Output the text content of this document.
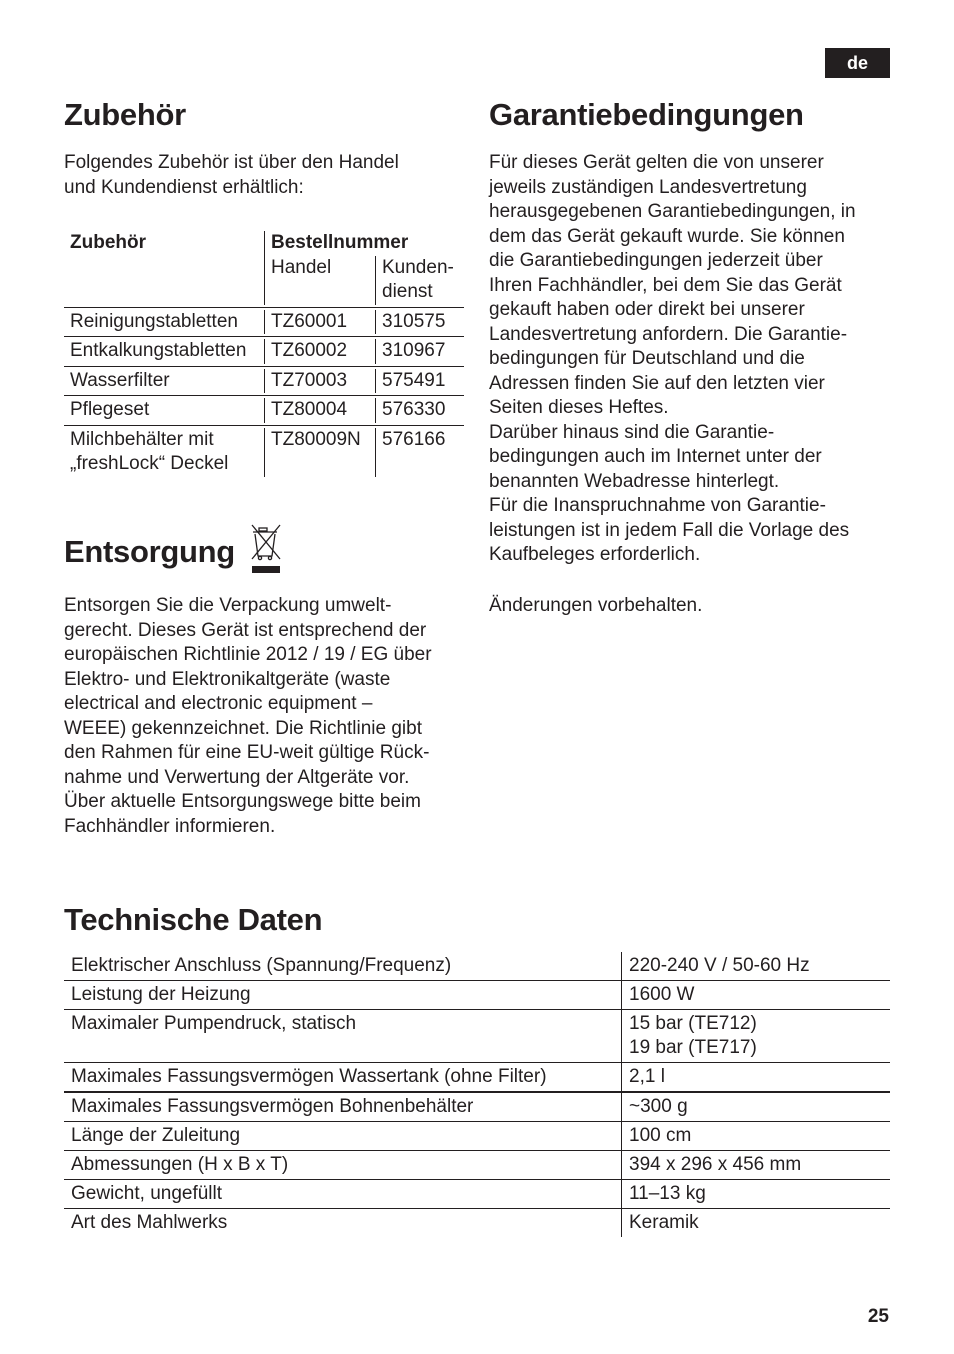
de
Zubehör

Folgendes Zubehör ist über den Handel
und Kundendienst erhältlich:

Zubehör	Bestellnummer
Handel	Kunden-
dienst
Reinigungstabletten	TZ60001	310575
Entkalkungstabletten	TZ60002	310967
Wasserfilter	TZ70003	575491
Pflegeset	TZ80004	576330
Milchbehälter mit
„freshLock“ Deckel
TZ80009N	576166
Entsorgung

Entsorgen Sie die Verpackung umwelt-
gerecht. Dieses Gerät ist entsprechend der
europäischen Richtlinie 2012 / 19 / EG über
Elektro- und Elektronikaltgeräte (waste
electrical and electronic equipment –
WEEE) gekennzeichnet. Die Richtlinie gibt
den Rahmen für eine EU-weit gültige Rück-
nahme und Verwertung der Altgeräte vor.
Über aktuelle Entsorgungswege bitte beim
Fachhändler informieren.

Garantiebedingungen

Für dieses Gerät gelten die von unserer
jeweils zuständigen Landesvertretung
herausgegebenen Garantiebedingungen, in
dem das Gerät gekauft wurde. Sie können
die Garantiebedingungen jederzeit über
Ihren Fachhändler, bei dem Sie das Gerät
gekauft haben oder direkt bei unserer
Landesvertretung anfordern. Die Garantie-
bedingungen für Deutschland und die
Adressen finden Sie auf den letzten vier
Seiten dieses Heftes.
Darüber hinaus sind die Garantie-
bedingungen auch im Internet unter der
benannten Webadresse hinterlegt.
Für die Inanspruchnahme von Garantie-
leistungen ist in jedem Fall die Vorlage des
Kaufbeleges erforderlich.

Änderungen vorbehalten.

Technische Daten
Elektrischer Anschluss (Spannung/Frequenz)	220-240 V / 50-60 Hz
Leistung der Heizung	1600 W
Maximaler Pumpendruck, statisch	15 bar (TE712)
19 bar (TE717)
Maximales Fassungsvermögen Wassertank (ohne Filter)	2,1 l
Maximales Fassungsvermögen Bohnenbehälter	~300 g
Länge der Zuleitung	100 cm
Abmessungen (H x B x T)	394 x 296 x 456 mm
Gewicht, ungefüllt	11–13 kg
Art des Mahlwerks	Keramik
25
